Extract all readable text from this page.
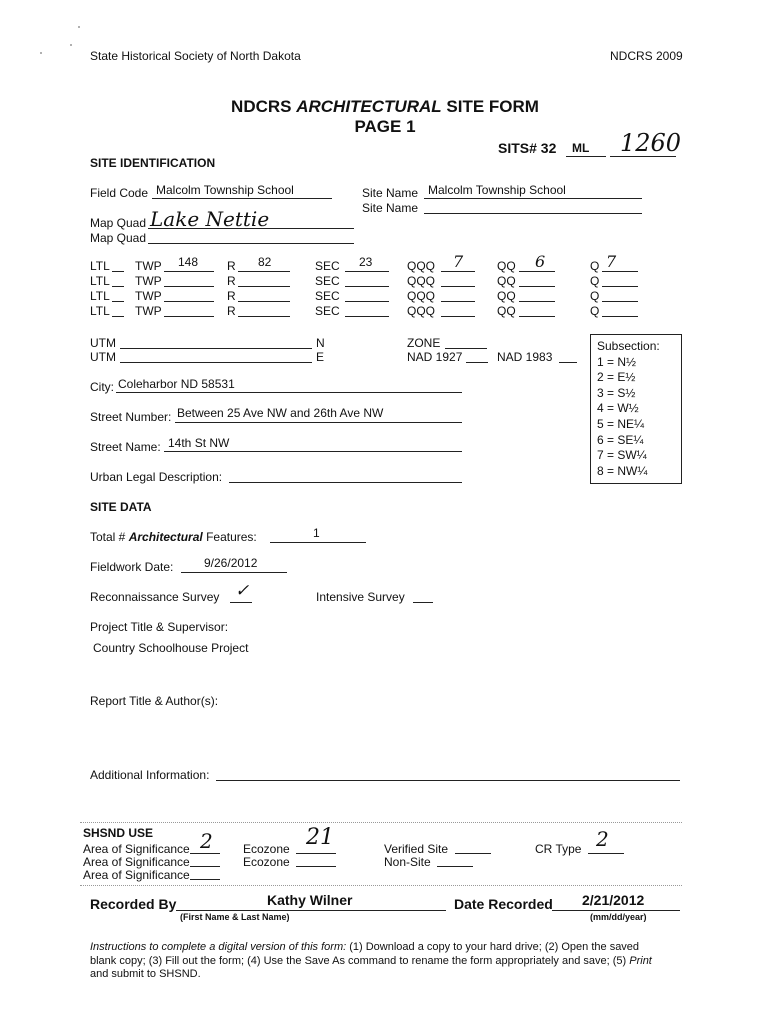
State Historical Society of North Dakota	NDCRS 2009
NDCRS ARCHITECTURAL SITE FORM
PAGE 1
SITS# 32 ML 1260
SITE IDENTIFICATION
Field Code Malcolm Township School	Site Name Malcolm Township School
Site Name
Map Quad Lake Nettie
Map Quad
LTL TWP 148 R 82	SEC 23	QQQ 7	QQ 6	Q 7
LTL TWP	R	SEC	QQQ	QQ	Q
LTL TWP	R	SEC	QQQ	QQ	Q
LTL TWP	R	SEC	QQQ	QQ	Q
UTM	N
UTM	E
ZONE
NAD 1927	NAD 1983
Subsection:
1 = N½
2 = E½
3 = S½
4 = W½
5 = NE¼
6 = SE¼
7 = SW¼
8 = NW¼
City: Coleharbor ND 58531
Street Number: Between 25 Ave NW and 26th Ave NW
Street Name: 14th St NW
Urban Legal Description:
SITE DATA
Total # Architectural Features:	1
Fieldwork Date:	9/26/2012
Reconnaissance Survey ✓	Intensive Survey
Project Title & Supervisor:
Country Schoolhouse Project
Report Title & Author(s):
Additional Information:
SHSND USE
Area of Significance 2
Area of Significance
Area of Significance
Ecozone 21
Ecozone
Verified Site
Non-Site
CR Type 2
Recorded By	Kathy Wilner
(First Name & Last Name)
Date Recorded 2/21/2012
(mm/dd/year)
Instructions to complete a digital version of this form: (1) Download a copy to your hard drive; (2) Open the saved
blank copy; (3) Fill out the form; (4) Use the Save As command to rename the form appropriately and save; (5) Print
and submit to SHSND.
